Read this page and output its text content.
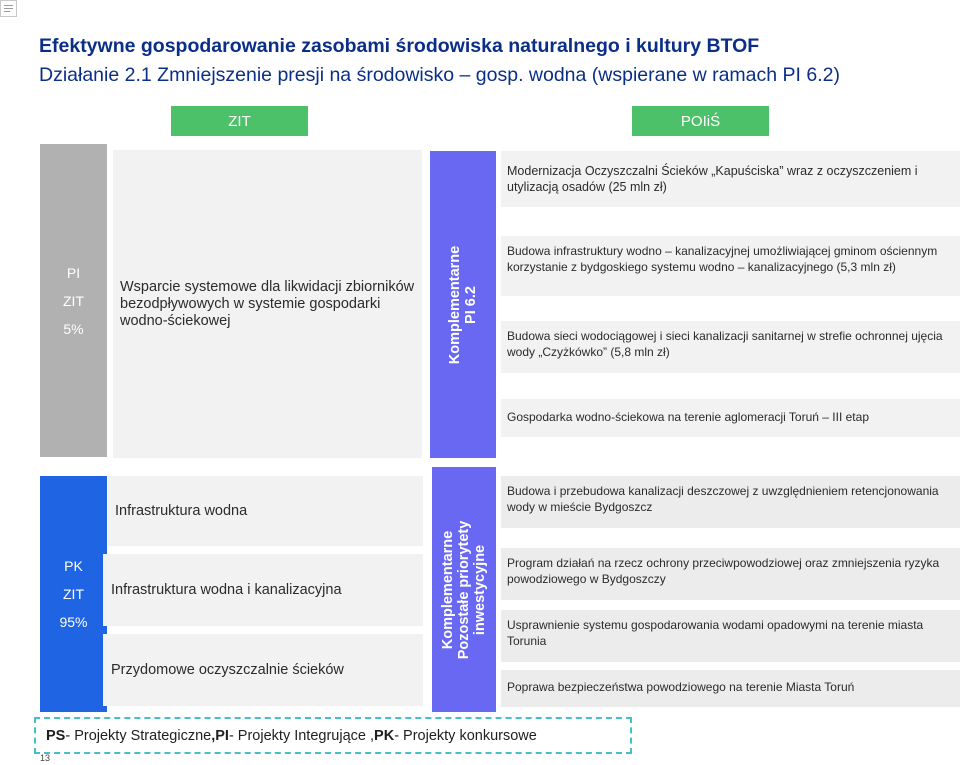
Efektywne gospodarowanie zasobami środowiska naturalnego i kultury BTOF
Działanie 2.1 Zmniejszenie presji na środowisko – gosp. wodna (wspierane w ramach PI 6.2)
ZIT	POIiŚ
PI
ZIT
5%
Wsparcie systemowe dla likwidacji zbiorników bezodpływowych w systemie gospodarki wodno-ściekowej	Komplementarne PI 6.2
Modernizacja Oczyszczalni Ścieków „Kapuściska” wraz z oczyszczeniem i utylizacją osadów (25 mln zł)
Budowa infrastruktury wodno – kanalizacyjnej umożliwiającej gminom ościennym korzystanie z bydgoskiego systemu wodno – kanalizacyjnego (5,3 mln zł)
Budowa sieci wodociągowej i sieci kanalizacji sanitarnej w strefie ochronnej ujęcia wody „Czyżkówko” (5,8 mln zł)
Gospodarka wodno-ściekowa na terenie aglomeracji Toruń – III etap
PK
ZIT
95%
Infrastruktura wodna
Infrastruktura wodna i kanalizacyjna
Przydomowe oczyszczalnie ścieków
Komplementarne Pozostałe priorytety inwestycyjne
Budowa i przebudowa kanalizacji deszczowej z uwzględnieniem retencjonowania wody w mieście Bydgoszcz
Program działań na rzecz ochrony przeciwpowodziowej oraz zmniejszenia ryzyka powodziowego w Bydgoszczy
Usprawnienie systemu gospodarowania wodami opadowymi na terenie miasta Torunia
Poprawa bezpieczeństwa powodziowego na terenie Miasta Toruń
PS - Projekty Strategiczne , PI - Projekty Integrujące , PK - Projekty konkursowe
13
